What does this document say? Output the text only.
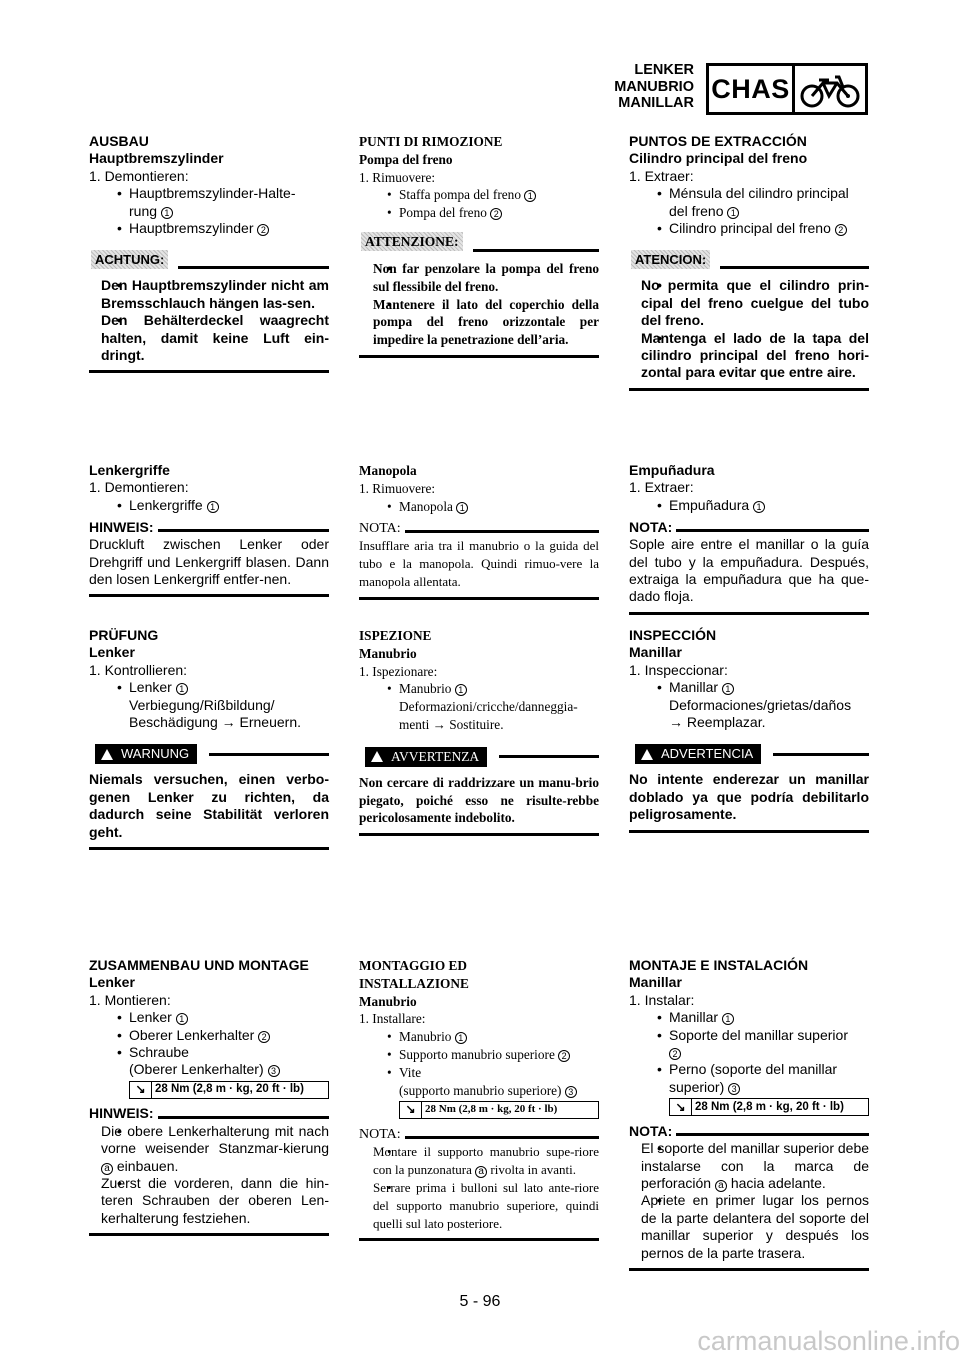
LENKER
MANUBRIO
MANILLAR CHAS
AUSBAU
Hauptbremszylinder
1. Demontieren:
• Hauptbremszylinder-Halte-
rung 1
• Hauptbremszylinder 2
ACHTUNG:
• Den Hauptbremszylinder nicht am Bremsschlauch hängen las-sen.
• Den Behälterdeckel waagrecht halten, damit keine Luft ein-dringt.
Lenkergriffe
1. Demontieren:
• Lenkergriffe 1
HINWEIS:
Druckluft zwischen Lenker oder Drehgriff und Lenkergriff blasen. Dann den losen Lenkergriff entfer-nen.
PRÜFUNG
Lenker
1. Kontrollieren:
• Lenker 1
Verbiegung/Rißbildung/
Beschädigung → Erneuern.
WARNUNG
Niemals versuchen, einen verbo-genen Lenker zu richten, da dadurch seine Stabilität verloren geht.
ZUSAMMENBAU UND MONTAGE
Lenker
1. Montieren:
• Lenker 1
• Oberer Lenkerhalter 2
• Schraube
(Oberer Lenkerhalter) 3
↘ 28 Nm (2,8 m · kg, 20 ft · lb)
HINWEIS:
• Die obere Lenkerhalterung mit nach vorne weisender Stanzmar-kierung a einbauen.
• Zuerst die vorderen, dann die hin-teren Schrauben der oberen Len-kerhalterung festziehen.
PUNTI DI RIMOZIONE
Pompa del freno
1. Rimuovere:
• Staffa pompa del freno 1
• Pompa del freno 2
ATTENZIONE:
• Non far penzolare la pompa del freno sul flessibile del freno.
• Mantenere il lato del coperchio della pompa del freno orizzontale per impedire la penetrazione dell’aria.
Manopola
1. Rimuovere:
• Manopola 1
NOTA:
Insufflare aria tra il manubrio o la guida del tubo e la manopola. Quindi rimuo-vere la manopola allentata.
ISPEZIONE
Manubrio
1. Ispezionare:
• Manubrio 1
Deformazioni/cricche/danneggia-
menti → Sostituire.
AVVERTENZA
Non cercare di raddrizzare un manu-brio piegato, poiché esso ne risulte-rebbe pericolosamente indebolito.
MONTAGGIO ED
INSTALLAZIONE
Manubrio
1. Installare:
• Manubrio 1
• Supporto manubrio superiore 2
• Vite
(supporto manubrio superiore) 3
↘ 28 Nm (2,8 m · kg, 20 ft · lb)
NOTA:
• Montare il supporto manubrio supe-riore con la punzonatura a rivolta in avanti.
• Serrare prima i bulloni sul lato ante-riore del supporto manubrio superiore, quindi quelli sul lato posteriore.
PUNTOS DE EXTRACCIÓN
Cilindro principal del freno
1. Extraer:
• Ménsula del cilindro principal
del freno 1
• Cilindro principal del freno 2
ATENCION:
• No permita que el cilindro prin-cipal del freno cuelgue del tubo del freno.
• Mantenga el lado de la tapa del cilindro principal del freno hori-zontal para evitar que entre aire.
Empuñadura
1. Extraer:
• Empuñadura 1
NOTA:
Sople aire entre el manillar o la guía del tubo y la empuñadura. Después, extraiga la empuñadura que ha que-dado floja.
INSPECCIÓN
Manillar
1. Inspeccionar:
• Manillar 1
Deformaciones/grietas/daños
→ Reemplazar.
ADVERTENCIA
No intente enderezar un manillar doblado ya que podría debilitarlo peligrosamente.
MONTAJE E INSTALACIÓN
Manillar
1. Instalar:
• Manillar 1
• Soporte del manillar superior
2
• Perno (soporte del manillar
superior) 3
↘ 28 Nm (2,8 m · kg, 20 ft · lb)
NOTA:
• El soporte del manillar superior debe instalarse con la marca de perforación a hacia adelante.
• Apriete en primer lugar los pernos de la parte delantera del soporte del manillar superior y después los pernos de la parte trasera.
5 - 96
carmanualsonline.info
